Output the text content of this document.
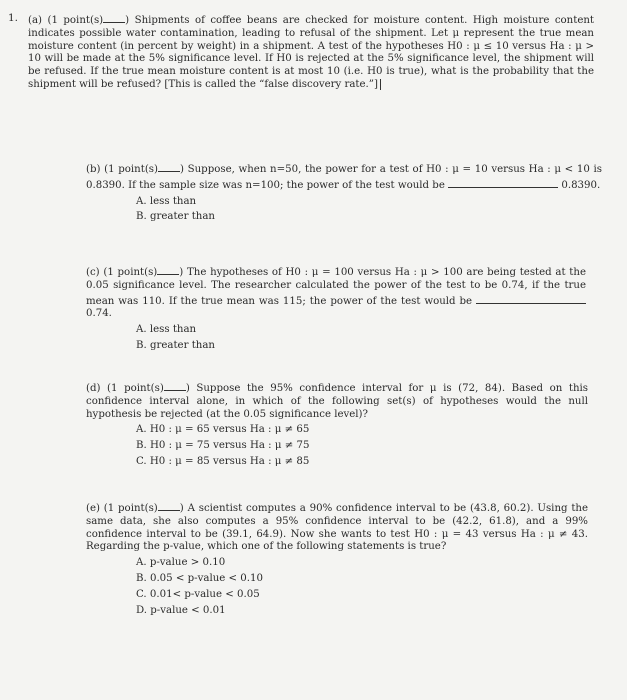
1. (a) (1 point(s) ) Shipments of coffee beans are checked for moisture content. High moisture content indicates possible water contamination, leading to refusal of the shipment. Let μ represent the true mean moisture content (in percent by weight) in a shipment. A test of the hypotheses H0 : μ ≤ 10 versus Ha : μ > 10 will be made at the 5% significance level. If H0 is rejected at the 5% significance level, the shipment will be refused. If the true mean moisture content is at most 10 (i.e. H0 is true), what is the probability that the shipment will be refused? [This is called the “false discovery rate.”]

(b) (1 point(s) ) Suppose, when n=50, the power for a test of H0 : μ = 10 versus Ha : μ < 10 is 0.8390. If the sample size was n=100; the power of the test would be	0.8390.

A. less than
B. greater than

(c) (1 point(s) ) The hypotheses of H0 : μ = 100 versus Ha : μ > 100 are being tested at the 0.05 significance level. The researcher calculated the power of the test to be 0.74, if the true mean was 110. If the true mean was 115; the power of the test would be  0.74.

A. less than
B. greater than

(d) (1 point(s) ) Suppose the 95% confidence interval for μ is (72, 84). Based on this confidence interval alone, in which of the following set(s) of hypotheses would the null hypothesis be rejected (at the 0.05 significance level)?

A. H0 : μ = 65 versus Ha : μ ≠ 65
B. H0 : μ = 75 versus Ha : μ ≠ 75
C. H0 : μ = 85 versus Ha : μ ≠ 85

(e) (1 point(s) ) A scientist computes a 90% confidence interval to be (43.8, 60.2). Using the same data, she also computes a 95% confidence interval to be (42.2, 61.8), and a 99% confidence interval to be (39.1, 64.9). Now she wants to test H0 : μ = 43 versus Ha : μ ≠ 43. Regarding the p-value, which one of the following statements is true?

A. p-value > 0.10
B. 0.05 < p-value < 0.10
C. 0.01< p-value < 0.05
D. p-value < 0.01
